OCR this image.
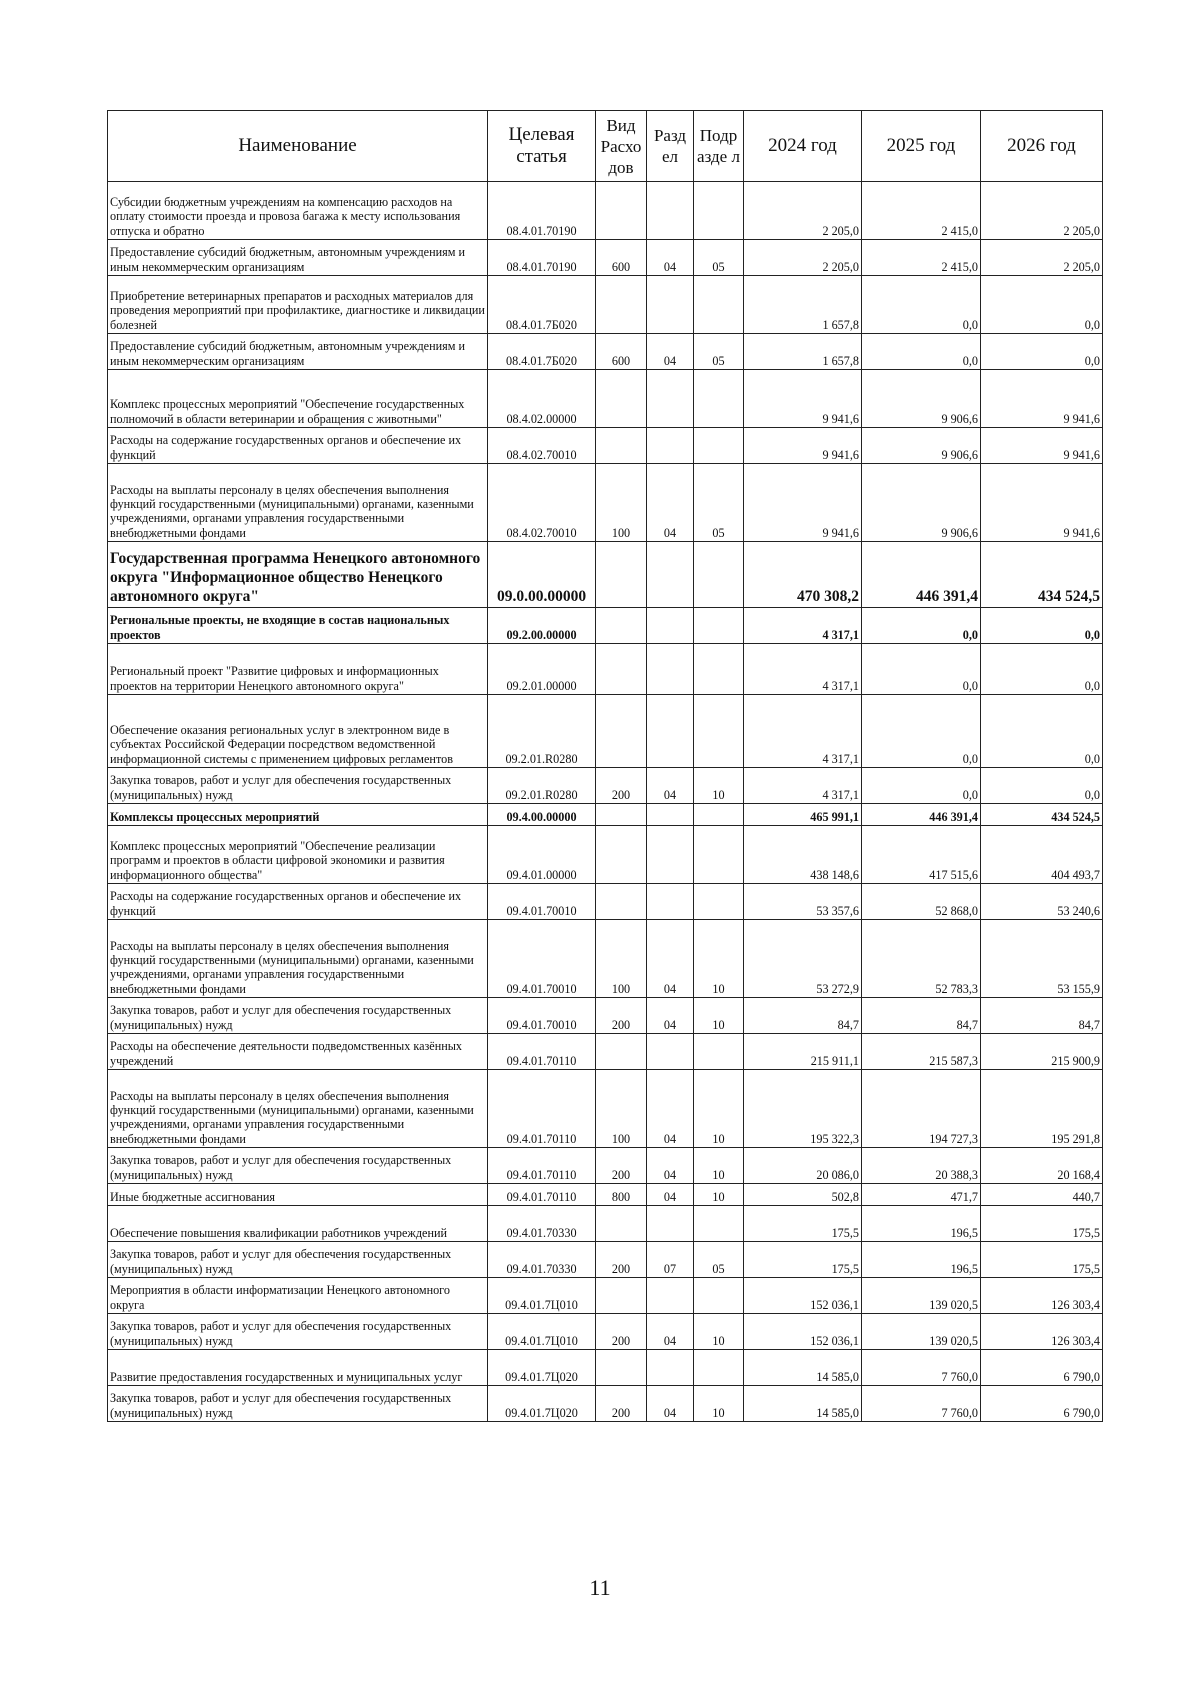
Наименование	Целевая статья	Вид Расхо дов	Разд ел	Подр азде л	2024 год	2025 год	2026 год
Субсидии бюджетным учреждениям на компенсацию расходов на оплату стоимости проезда и провоза багажа к месту использования отпуска и обратно	08.4.01.70190				2 205,0	2 415,0	2 205,0
Предоставление субсидий бюджетным, автономным учреждениям и иным некоммерческим организациям	08.4.01.70190	600	04	05	2 205,0	2 415,0	2 205,0
Приобретение ветеринарных препаратов и расходных материалов для проведения мероприятий при профилактике, диагностике и ликвидации болезней	08.4.01.7Б020				1 657,8	0,0	0,0
Предоставление субсидий бюджетным, автономным учреждениям и иным некоммерческим организациям	08.4.01.7Б020	600	04	05	1 657,8	0,0	0,0
Комплекс процессных мероприятий "Обеспечение государственных полномочий в области ветеринарии и обращения с животными"	08.4.02.00000				9 941,6	9 906,6	9 941,6
Расходы на содержание государственных органов и обеспечение их функций	08.4.02.70010				9 941,6	9 906,6	9 941,6
Расходы на выплаты персоналу в целях обеспечения выполнения функций государственными (муниципальными) органами, казенными учреждениями, органами управления государственными внебюджетными фондами	08.4.02.70010	100	04	05	9 941,6	9 906,6	9 941,6
Государственная программа Ненецкого автономного округа "Информационное общество Ненецкого автономного округа"	09.0.00.00000				470 308,2	446 391,4	434 524,5
Региональные проекты, не входящие в состав национальных проектов	09.2.00.00000				4 317,1	0,0	0,0
Региональный проект "Развитие цифровых и информационных проектов на территории Ненецкого автономного округа"	09.2.01.00000				4 317,1	0,0	0,0
Обеспечение оказания региональных услуг в электронном виде в субъектах Российской Федерации посредством ведомственной информационной системы с применением цифровых регламентов	09.2.01.R0280				4 317,1	0,0	0,0
Закупка товаров, работ и услуг для обеспечения государственных (муниципальных) нужд	09.2.01.R0280	200	04	10	4 317,1	0,0	0,0
Комплексы процессных мероприятий	09.4.00.00000				465 991,1	446 391,4	434 524,5
Комплекс процессных мероприятий "Обеспечение реализации программ и проектов в области цифровой экономики и развития информационного общества"	09.4.01.00000				438 148,6	417 515,6	404 493,7
Расходы на содержание государственных органов и обеспечение их функций	09.4.01.70010				53 357,6	52 868,0	53 240,6
Расходы на выплаты персоналу в целях обеспечения выполнения функций государственными (муниципальными) органами, казенными учреждениями, органами управления государственными внебюджетными фондами	09.4.01.70010	100	04	10	53 272,9	52 783,3	53 155,9
Закупка товаров, работ и услуг для обеспечения государственных (муниципальных) нужд	09.4.01.70010	200	04	10	84,7	84,7	84,7
Расходы на обеспечение деятельности подведомственных казённых учреждений	09.4.01.70110				215 911,1	215 587,3	215 900,9
Расходы на выплаты персоналу в целях обеспечения выполнения функций государственными (муниципальными) органами, казенными учреждениями, органами управления государственными внебюджетными фондами	09.4.01.70110	100	04	10	195 322,3	194 727,3	195 291,8
Закупка товаров, работ и услуг для обеспечения государственных (муниципальных) нужд	09.4.01.70110	200	04	10	20 086,0	20 388,3	20 168,4
Иные бюджетные ассигнования	09.4.01.70110	800	04	10	502,8	471,7	440,7
Обеспечение повышения квалификации работников учреждений	09.4.01.70330				175,5	196,5	175,5
Закупка товаров, работ и услуг для обеспечения государственных (муниципальных) нужд	09.4.01.70330	200	07	05	175,5	196,5	175,5
Мероприятия в области информатизации Ненецкого автономного округа	09.4.01.7Ц010				152 036,1	139 020,5	126 303,4
Закупка товаров, работ и услуг для обеспечения государственных (муниципальных) нужд	09.4.01.7Ц010	200	04	10	152 036,1	139 020,5	126 303,4
Развитие предоставления государственных и муниципальных услуг	09.4.01.7Ц020				14 585,0	7 760,0	6 790,0
Закупка товаров, работ и услуг для обеспечения государственных (муниципальных) нужд	09.4.01.7Ц020	200	04	10	14 585,0	7 760,0	6 790,0
11
